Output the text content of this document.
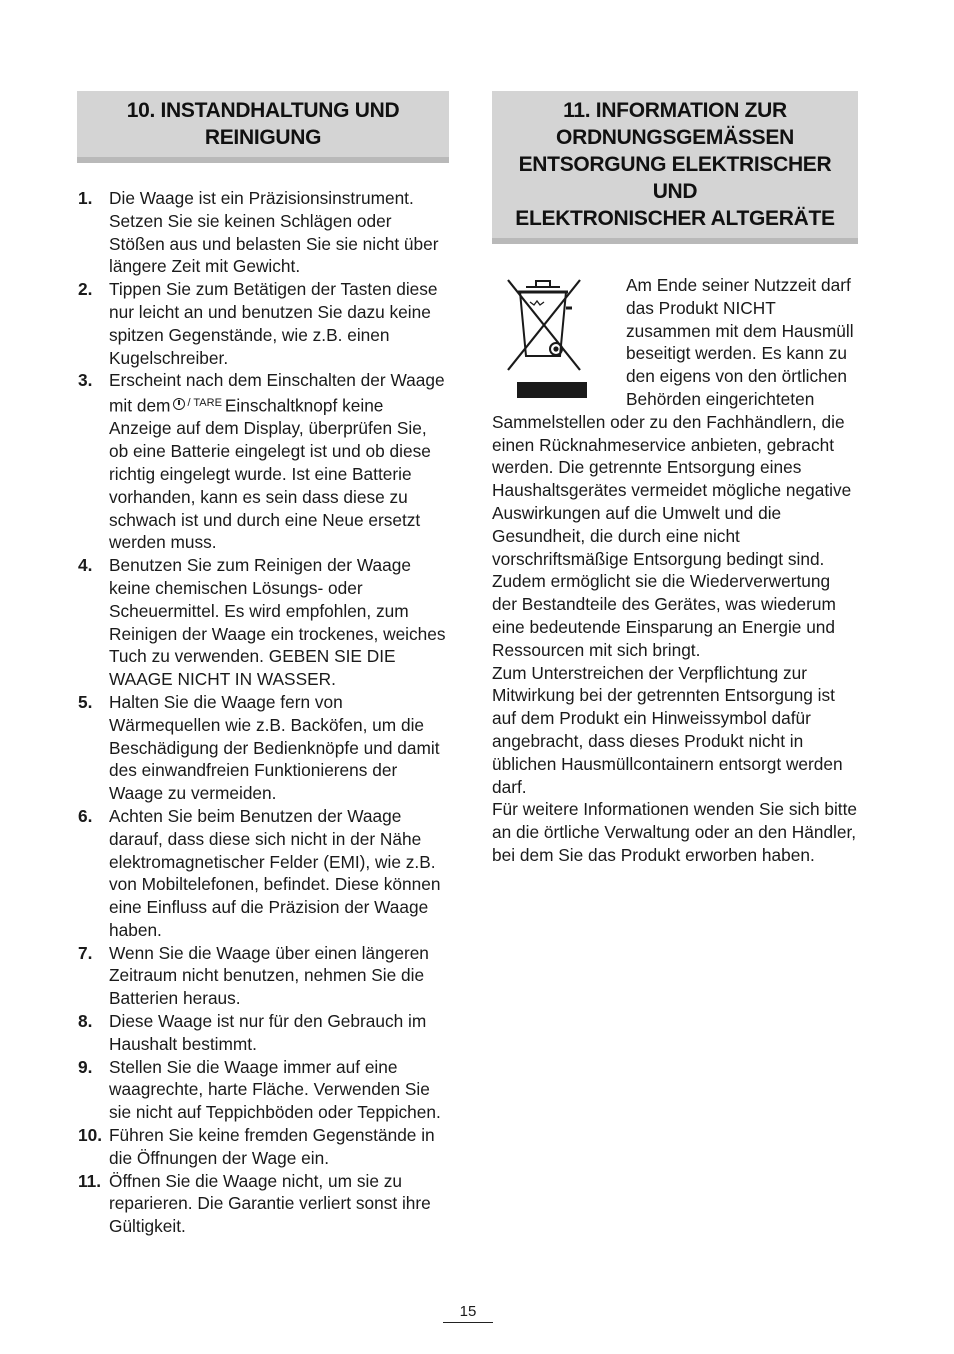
10. INSTANDHALTUNG UND
REINIGUNG
1. Die Waage ist ein Präzisionsinstrument. Setzen Sie sie keinen Schlägen oder Stößen aus und belasten Sie sie nicht über längere Zeit mit Gewicht.
2. Tippen Sie zum Betätigen der Tasten diese nur leicht an und benutzen Sie dazu keine spitzen Gegenstände, wie z.B. einen Kugelschreiber.
3. Erscheint nach dem Einschalten der Waage mit dem / TARE Einschaltknopf keine Anzeige auf dem Display, überprüfen Sie, ob eine Batterie eingelegt ist und ob diese richtig eingelegt wurde. Ist eine Batterie vorhanden, kann es sein dass diese zu schwach ist und durch eine Neue ersetzt werden muss.
4. Benutzen Sie zum Reinigen der Waage keine chemischen Lösungs- oder Scheuermittel. Es wird empfohlen, zum Reinigen der Waage ein trockenes, weiches Tuch zu verwenden. GEBEN SIE DIE WAAGE NICHT IN WASSER.
5. Halten Sie die Waage fern von Wärmequellen wie z.B. Backöfen, um die Beschädigung der Bedienknöpfe und damit des einwandfreien Funktionierens der Waage zu vermeiden.
6. Achten Sie beim Benutzen der Waage darauf, dass diese sich nicht in der Nähe elektromagnetischer Felder (EMI), wie z.B. von Mobiltelefonen, befindet. Diese können eine Einfluss auf die Präzision der Waage haben.
7. Wenn Sie die Waage über einen längeren Zeitraum nicht benutzen, nehmen Sie die Batterien heraus.
8. Diese Waage ist nur für den Gebrauch im Haushalt bestimmt.
9. Stellen Sie die Waage immer auf eine waagrechte, harte Fläche. Verwenden Sie sie nicht auf Teppichböden oder Teppichen.
10. Führen Sie keine fremden Gegenstände in die Öffnungen der Wage ein.
11. Öffnen Sie die Waage nicht, um sie zu reparieren. Die Garantie verliert sonst ihre Gültigkeit.
11. INFORMATION ZUR
ORDNUNGSGEMÄSSEN
ENTSORGUNG ELEKTRISCHER UND
ELEKTRONISCHER ALTGERÄTE
Am Ende seiner Nutzzeit darf das Produkt NICHT zusammen mit dem Hausmüll beseitigt werden. Es kann zu den eigens von den örtlichen Behörden eingerichteten Sammelstellen oder zu den Fachhändlern, die einen Rücknahmeservice anbieten, gebracht werden. Die getrennte Entsorgung eines Haushaltsgerätes vermeidet mögliche negative Auswirkungen auf die Umwelt und die Gesundheit, die durch eine nicht vorschriftsmäßige Entsorgung bedingt sind. Zudem ermöglicht sie die Wiederverwertung der Bestandteile des Gerätes, was wiederum eine bedeutende Einsparung an Energie und Ressourcen mit sich bringt.
Zum Unterstreichen der Verpflichtung zur Mitwirkung bei der getrennten Entsorgung ist auf dem Produkt ein Hinweissymbol dafür angebracht, dass dieses Produkt nicht in üblichen Hausmüllcontainern entsorgt werden darf.
Für weitere Informationen wenden Sie sich bitte an die örtliche Verwaltung oder an den Händler, bei dem Sie das Produkt erworben haben.
15
